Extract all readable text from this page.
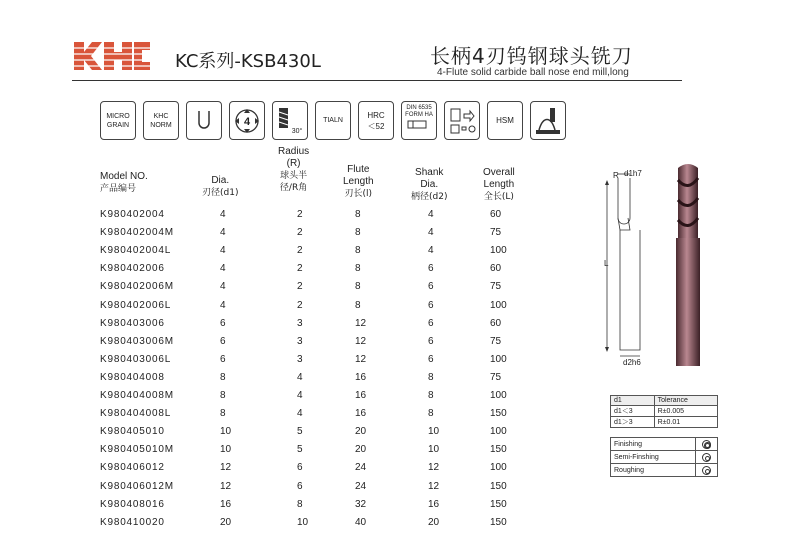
KC系列-KSB430L	长柄4刃钨钢球头铣刀
4-Flute solid carbide ball nose end mill,long
MICRO
GRAIN
KHC
NORM	4
30°
TIALN
HRC
＜52
DIN 6535
FORM HA
HSM
Model NO.
产品编号
Dia.
刃径(d1)
Radius
(R)
球头半
径/R角
Flute
Length
刃长(l)
Shank
Dia.
柄径(d2)
Overall
Length
全长(L)
K980402004	4	2	8	4	60
K980402004M	4	2	8	4	75
K980402004L	4	2	8	4	100
K980402006	4	2	8	6	60
K980402006M	4	2	8	6	75
K980402006L	4	2	8	6	100
K980403006	6	3	12	6	60
K980403006M	6	3	12	6	75
K980403006L	6	3	12	6	100
K980404008	8	4	16	8	75
K980404008M	8	4	16	8	100
K980404008L	8	4	16	8	150
K980405010	10	5	20	10	100
K980405010M	10	5	20	10	150
K980406012	12	6	24	12	100
K980406012M	12	6	24	12	150
K980408016	16	8	32	16	150
K980410020	20	10	40	20	150
R d1h7
L
d2h6
d1	Tolerance
d1＜3	R±0.005
d1＞3	R±0.01
Finishing	
Semi-Finshing	
Roughing	
